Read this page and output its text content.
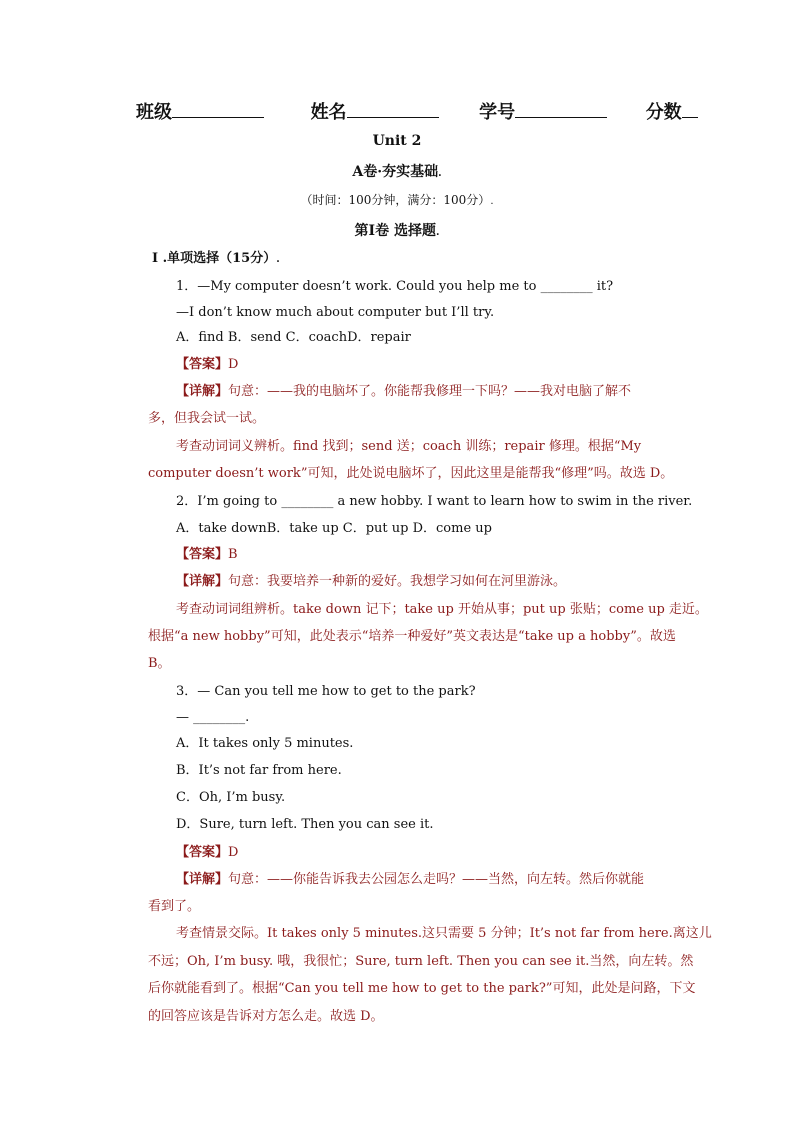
班级	姓名	学号	分数
Unit 2
A卷·夯实基础.
（时间：100分钟，满分：100分）.
第I卷 选择题.
I .单项选择（15分）.
1．—My computer doesn’t work. Could you help me to ________ it?
—I don’t know much about computer but I’ll try.
A．find B．send C．coachD．repair
【答案】D
【详解】句意：——我的电脑坏了。你能帮我修理一下吗？——我对电脑了解不
多，但我会试一试。
考查动词词义辨析。find 找到；send 送；coach 训练；repair 修理。根据“My
computer doesn’t work”可知，此处说电脑坏了，因此这里是能帮我“修理”吗。故选 D。
2．I’m going to ________ a new hobby. I want to learn how to swim in the river.
A．take downB．take up C．put up D．come up
【答案】B
【详解】句意：我要培养一种新的爱好。我想学习如何在河里游泳。
考查动词词组辨析。take down 记下；take up 开始从事；put up 张贴；come up 走近。
根据“a new hobby”可知，此处表示“培养一种爱好”英文表达是“take up a hobby”。故选
B。
3．— Can you tell me how to get to the park?
— ________.
A．It takes only 5 minutes.
B．It’s not far from here.
C．Oh, I’m busy.
D．Sure, turn left. Then you can see it.
【答案】D
【详解】句意：——你能告诉我去公园怎么走吗？——当然，向左转。然后你就能
看到了。
考查情景交际。It takes only 5 minutes.这只需要 5 分钟；It’s not far from here.离这儿
不远；Oh, I’m busy. 哦，我很忙；Sure, turn left. Then you can see it.当然，向左转。然
后你就能看到了。根据“Can you tell me how to get to the park?”可知，此处是问路，下文
的回答应该是告诉对方怎么走。故选 D。
